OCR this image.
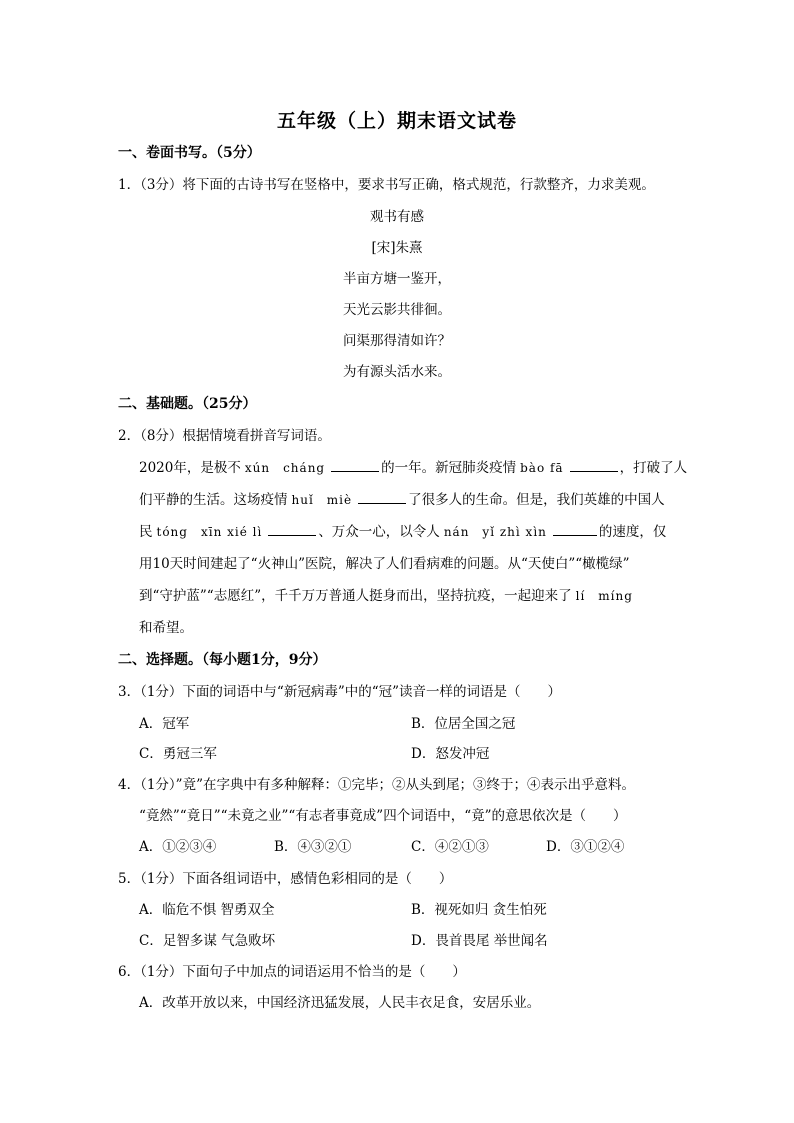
五年级（上）期末语文试卷
一、卷面书写。（5分）
1．（3分）将下面的古诗书写在竖格中，要求书写正确，格式规范，行款整齐，力求美观。
观书有感
[宋]朱熹
半亩方塘一鉴开，
天光云影共徘徊。
问渠那得清如许？
为有源头活水来。
二、基础题。（25分）
2．（8分）根据情境看拼音写词语。
2020年，是极不 xún　cháng	的一年。新冠肺炎疫情 bào fā	，打破了人
们平静的生活。这场疫情 huǐ　miè	了很多人的生命。但是，我们英雄的中国人
民 tóng　xīn xié lì	、万众一心，以令人 nán　yǐ zhì xìn	的速度，仅
用10天时间建起了“火神山”医院，解决了人们看病难的问题。从“天使白”“橄榄绿”
到“守护蓝”“志愿红”，千千万万普通人挺身而出，坚持抗疫，一起迎来了 lí　míng
和希望。
二、选择题。（每小题1分，9分）
3．（1分）下面的词语中与“新冠病毒”中的“冠”读音一样的词语是（　　）
A．冠军	B．位居全国之冠
C．勇冠三军	D．怒发冲冠
4．（1分）”竟”在字典中有多种解释：①完毕；②从头到尾；③终于；④表示出乎意料。
“竟然”“竟日”“未竟之业”“有志者事竟成”四个词语中，“竟”的意思依次是（　　）
A．①②③④	B．④③②①	C．④②①③	D．③①②④
5．（1分）下面各组词语中，感情色彩相同的是（　　）
A．临危不惧 智勇双全	B．视死如归 贪生怕死
C．足智多谋 气急败坏	D．畏首畏尾 举世闻名
6．（1分）下面句子中加点的词语运用不恰当的是（　　）
A．改革开放以来，中国经济迅猛发展，人民丰衣足食，安居乐业。
